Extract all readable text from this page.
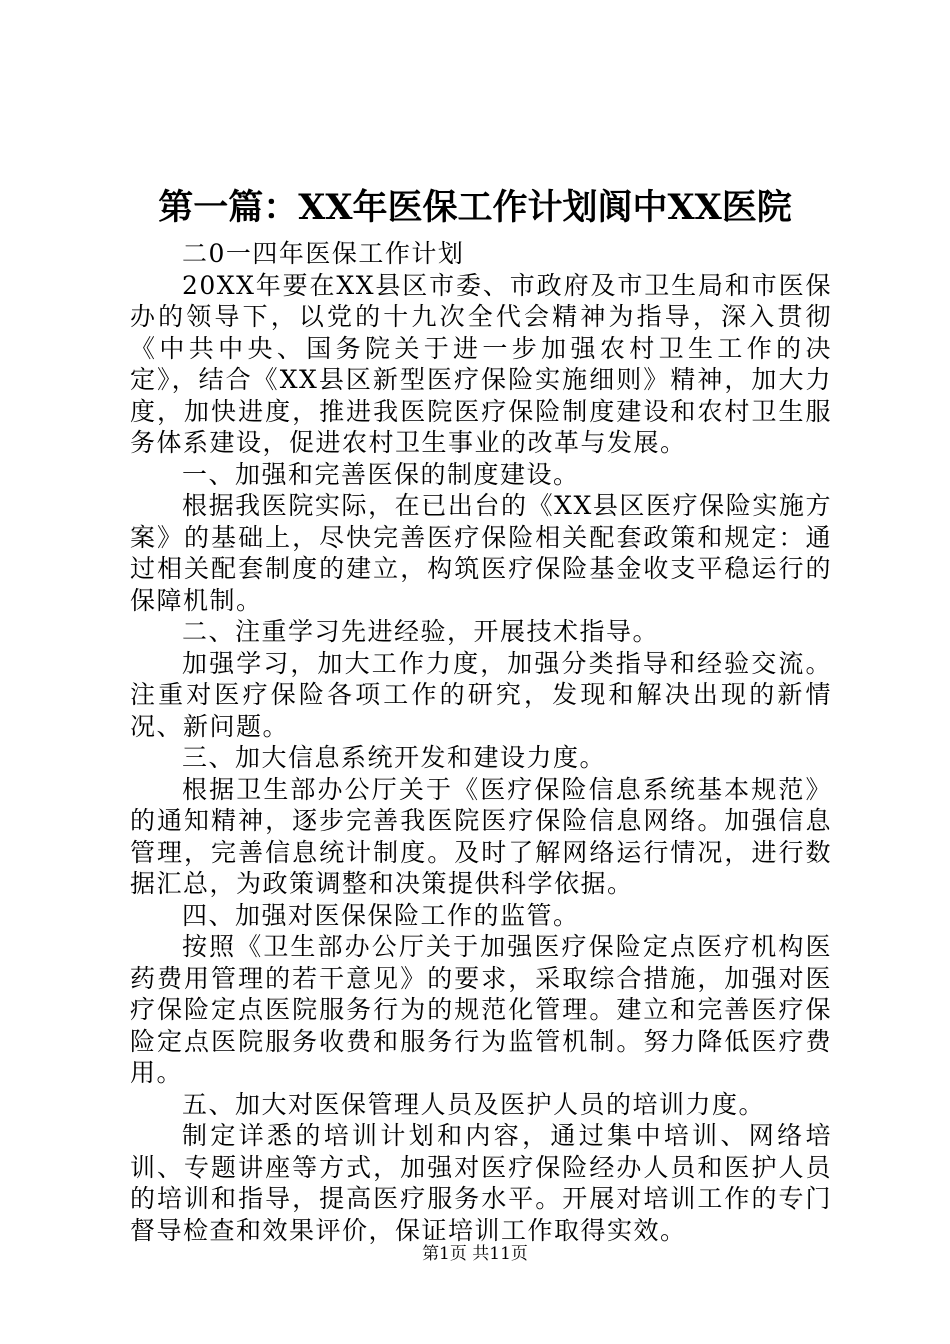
第一篇：XX年医保工作计划阆中XX医院

二0一四年医保工作计划

20XX年要在XX县区市委、市政府及市卫生局和市医保办的领导下，以党的十九次全代会精神为指导，深入贯彻《中共中央、国务院关于进一步加强农村卫生工作的决定》，结合《XX县区新型医疗保险实施细则》精神，加大力度，加快进度，推进我医院医疗保险制度建设和农村卫生服务体系建设，促进农村卫生事业的改革与发展。

一、加强和完善医保的制度建设。

根据我医院实际，在已出台的《XX县区医疗保险实施方案》的基础上，尽快完善医疗保险相关配套政策和规定：通过相关配套制度的建立，构筑医疗保险基金收支平稳运行的保障机制。

二、注重学习先进经验，开展技术指导。

加强学习，加大工作力度，加强分类指导和经验交流。注重对医疗保险各项工作的研究，发现和解决出现的新情况、新问题。

三、加大信息系统开发和建设力度。

根据卫生部办公厅关于《医疗保险信息系统基本规范》的通知精神，逐步完善我医院医疗保险信息网络。加强信息管理，完善信息统计制度。及时了解网络运行情况，进行数据汇总，为政策调整和决策提供科学依据。

四、加强对医保保险工作的监管。

按照《卫生部办公厅关于加强医疗保险定点医疗机构医药费用管理的若干意见》的要求，采取综合措施，加强对医疗保险定点医院服务行为的规范化管理。建立和完善医疗保险定点医院服务收费和服务行为监管机制。努力降低医疗费用。

五、加大对医保管理人员及医护人员的培训力度。

制定详悉的培训计划和内容，通过集中培训、网络培训、专题讲座等方式，加强对医疗保险经办人员和医护人员的培训和指导，提高医疗服务水平。开展对培训工作的专门督导检查和效果评价，保证培训工作取得实效。

第1页 共11页
